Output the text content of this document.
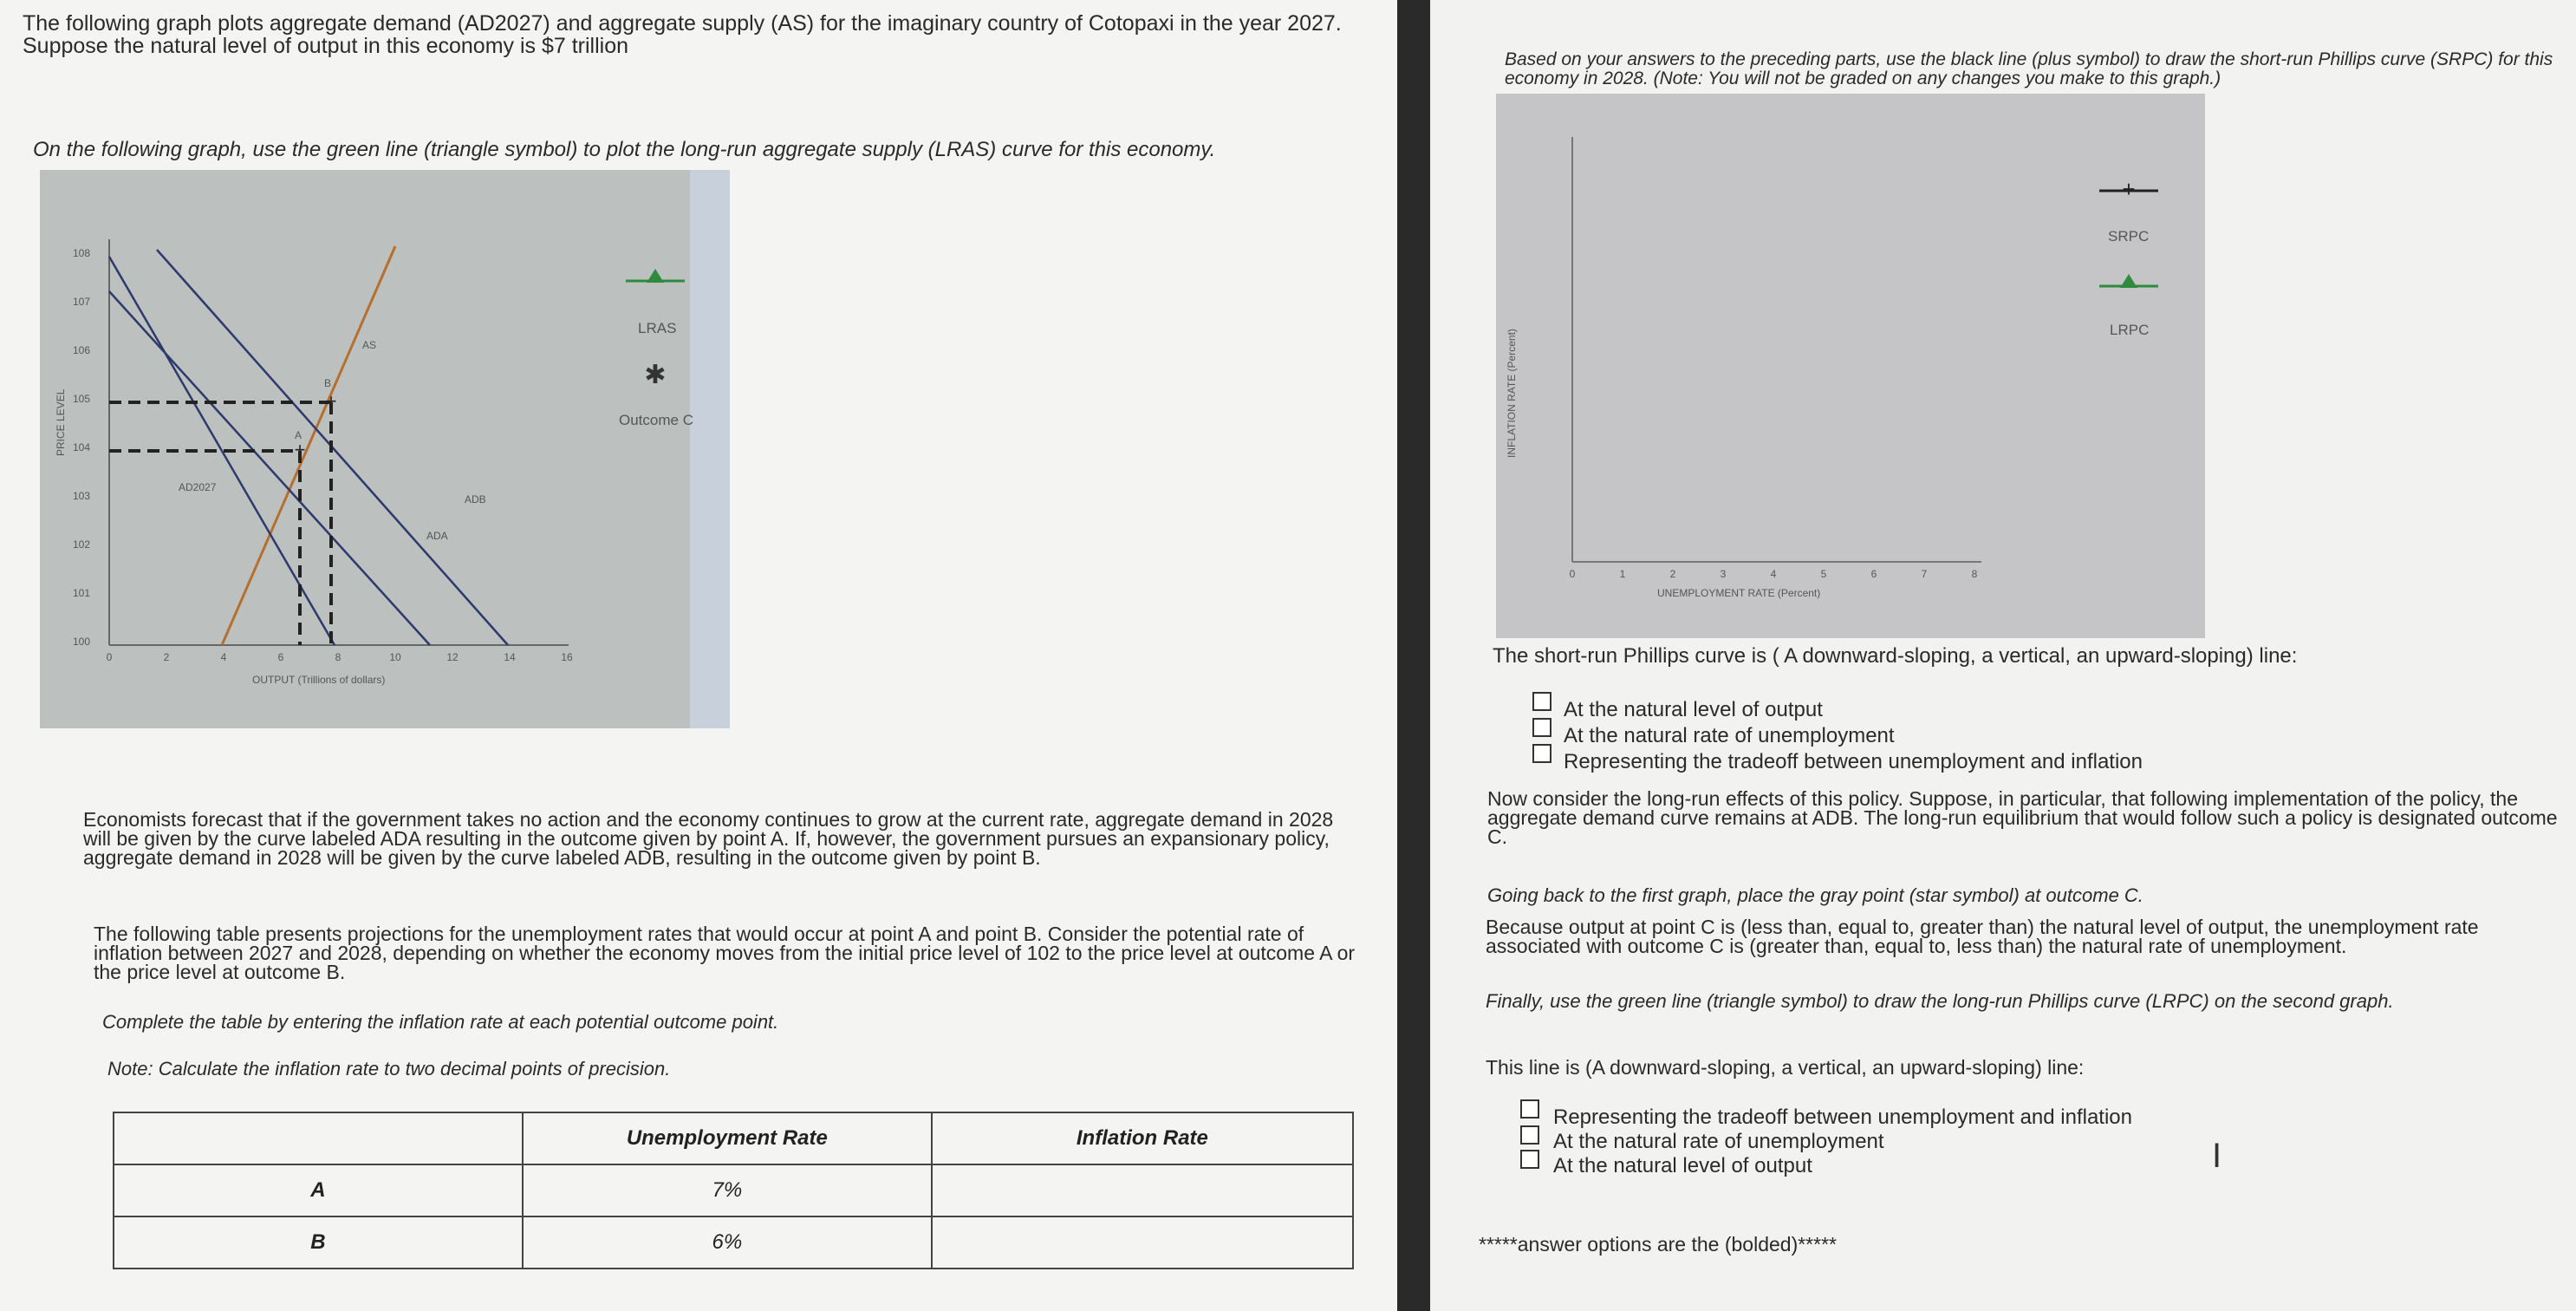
The following graph plots aggregate demand (AD2027) and aggregate supply (AS) for the imaginary country of Cotopaxi in the year 2027. Suppose the natural level of output in this economy is $7 trillion
On the following graph, use the green line (triangle symbol) to plot the long-run aggregate supply (LRAS) curve for this economy.
PRICE LEVEL
OUTPUT (Trillions of dollars)
0	2	4	6	8	10	12	14	16
100
101
102
103
104
105
106
107
108
AS
AD2027
ADA
ADB
+
+
A
B
LRAS
✱
Outcome C
Economists forecast that if the government takes no action and the economy continues to grow at the current rate, aggregate demand in 2028 will be given by the curve labeled ADA resulting in the outcome given by point A. If, however, the government pursues an expansionary policy, aggregate demand in 2028 will be given by the curve labeled ADB, resulting in the outcome given by point B.
The following table presents projections for the unemployment rates that would occur at point A and point B. Consider the potential rate of inflation between 2027 and 2028, depending on whether the economy moves from the initial price level of 102 to the price level at outcome A or the price level at outcome B.
Complete the table by entering the inflation rate at each potential outcome point.
Note: Calculate the inflation rate to two decimal points of precision.
	Unemployment Rate	Inflation Rate
A	7%	
B	6%	
Based on your answers to the preceding parts, use the black line (plus symbol) to draw the short-run Phillips curve (SRPC) for this economy in 2028. (Note: You will not be graded on any changes you make to this graph.)
INFLATION RATE (Percent)
UNEMPLOYMENT RATE (Percent)
0	1	2	3	4	5	6	7	8
+
SRPC
LRPC
The short-run Phillips curve is ( A downward-sloping, a vertical, an upward-sloping) line:
At the natural level of output
At the natural rate of unemployment
Representing the tradeoff between unemployment and inflation
Now consider the long-run effects of this policy. Suppose, in particular, that following implementation of the policy, the aggregate demand curve remains at ADB. The long-run equilibrium that would follow such a policy is designated outcome C.
Going back to the first graph, place the gray point (star symbol) at outcome C.
Because output at point C is (less than, equal to, greater than) the natural level of output, the unemployment rate associated with outcome C is (greater than, equal to, less than) the natural rate of unemployment.
Finally, use the green line (triangle symbol) to draw the long-run Phillips curve (LRPC) on the second graph.
This line is (A downward-sloping, a vertical, an upward-sloping) line:
Representing the tradeoff between unemployment and inflation
At the natural rate of unemployment
At the natural level of output	I
*****answer options are the (bolded)*****
